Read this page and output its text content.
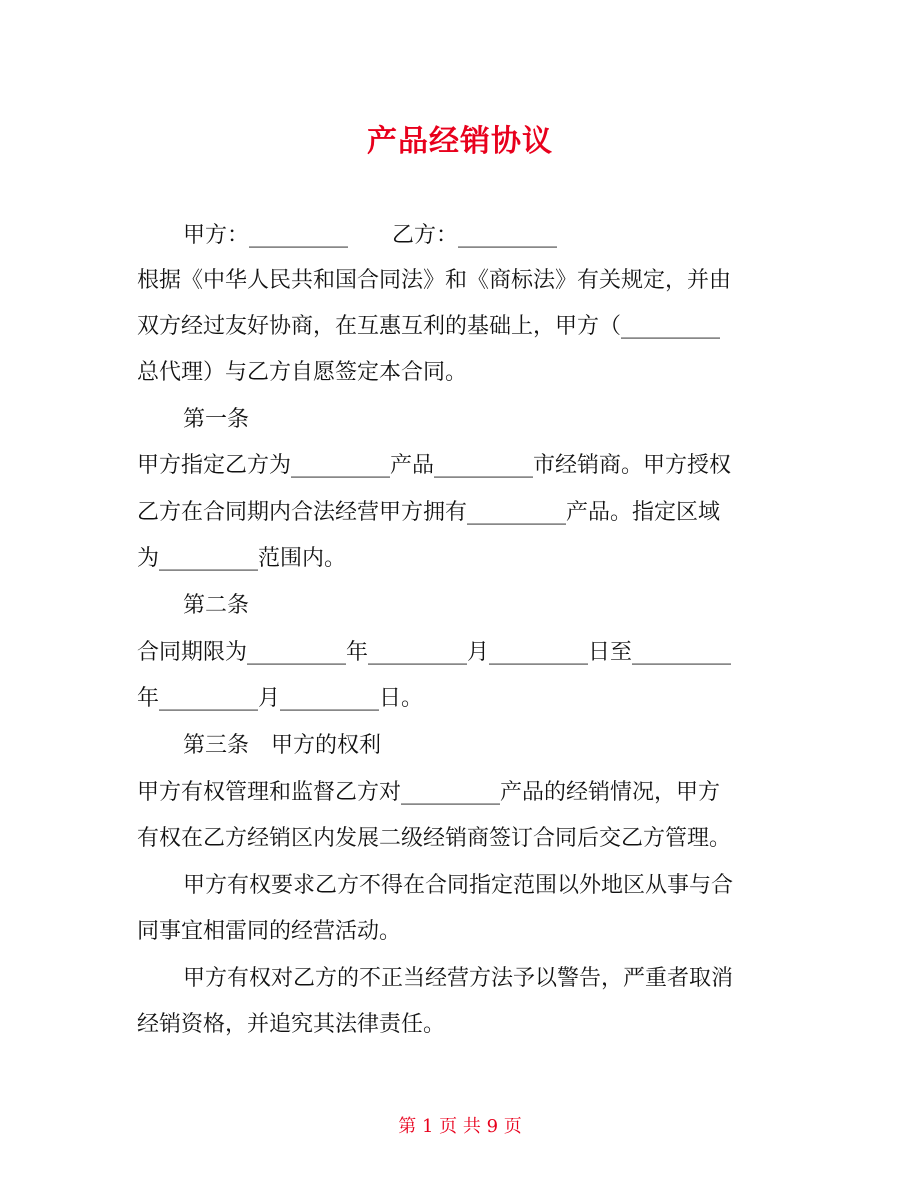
产品经销协议
甲方：_________　　乙方：_________
根据《中华人民共和国合同法》和《商标法》有关规定，并由
双方经过友好协商，在互惠互利的基础上，甲方（_________
总代理）与乙方自愿签定本合同。
第一条
甲方指定乙方为_________产品_________市经销商。甲方授权
乙方在合同期内合法经营甲方拥有_________产品。指定区域
为_________范围内。
第二条
合同期限为_________年_________月_________日至_________
年_________月_________日。
第三条　甲方的权利
甲方有权管理和监督乙方对_________产品的经销情况，甲方
有权在乙方经销区内发展二级经销商签订合同后交乙方管理。
甲方有权要求乙方不得在合同指定范围以外地区从事与合
同事宜相雷同的经营活动。
甲方有权对乙方的不正当经营方法予以警告，严重者取消
经销资格，并追究其法律责任。
第 1 页 共 9 页
